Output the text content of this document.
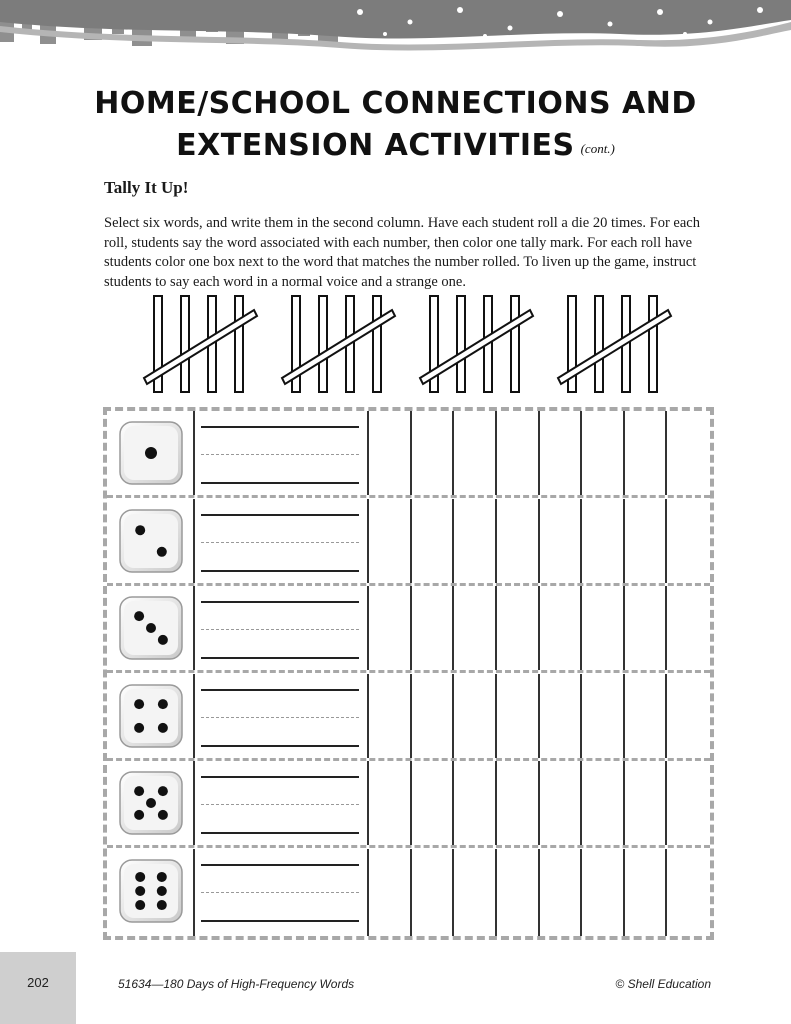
HOME/SCHOOL CONNECTIONS AND
EXTENSION ACTIVITIES (cont.)
Tally It Up!

Select six words, and write them in the second column. Have each student roll a die 20 times. For each roll, students say the word associated with each number, then color one tally mark. For each roll have students color one box next to the word that matches the number rolled. To liven up the game, instruct students to say each word in a normal voice and a strange one.

202	51634—180 Days of High-Frequency Words	© Shell Education
